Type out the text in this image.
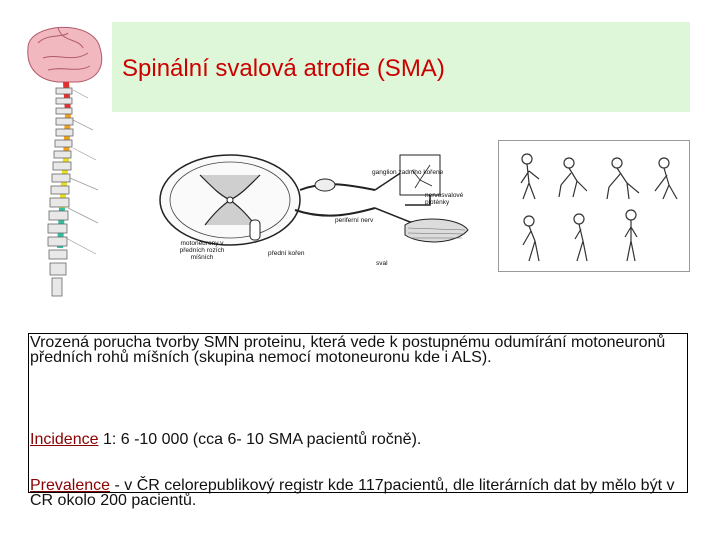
Spinální svalová atrofie (SMA)
ganglion zadního kořene
nervosvalové ploténky
periferní nerv
motoneurony v předních rozích míšních
přední kořen
sval
Vrozená porucha tvorby SMN proteinu, která vede k postupnému odumírání motoneuronů předních rohů míšních (skupina nemocí motoneuronu kde i ALS).
Incidence 1: 6 -10 000 (cca 6- 10 SMA pacientů ročně).
Prevalence - v ČR celorepublikový registr kde 117pacientů, dle literárních dat by mělo být v ČR okolo 200 pacientů.
